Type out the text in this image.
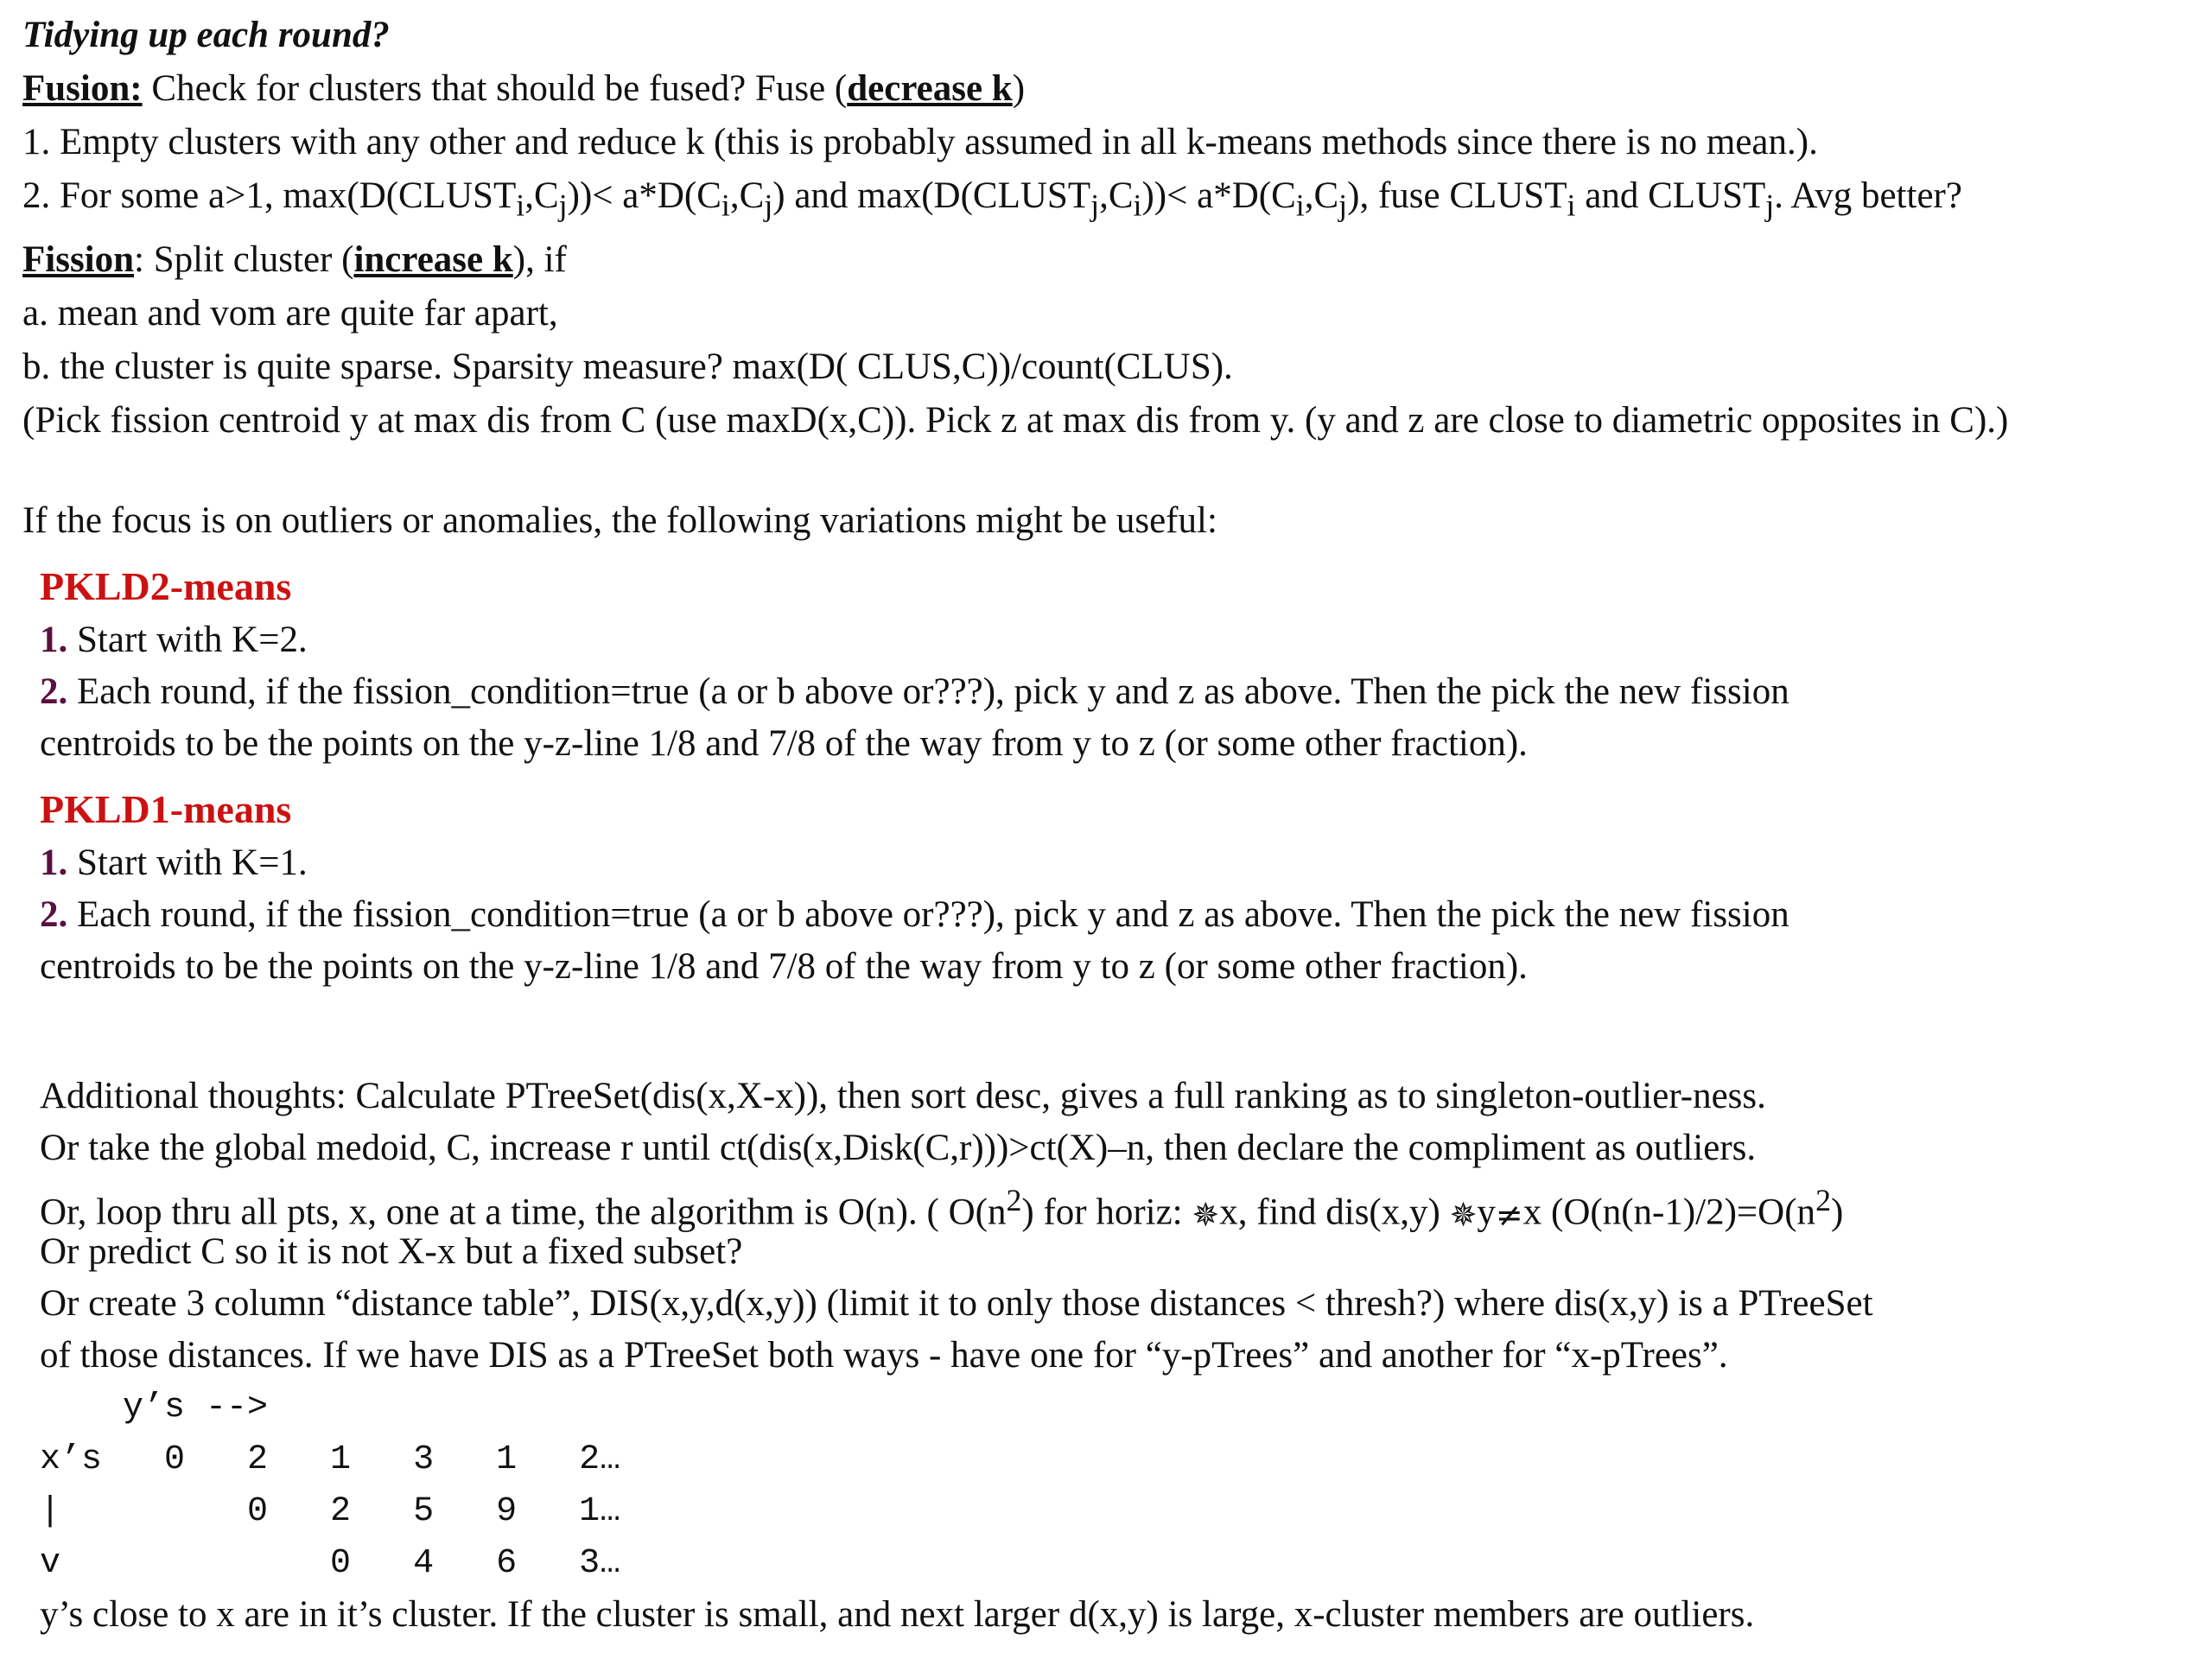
Tidying up each round?
Fusion: Check for clusters that should be fused? Fuse (decrease k)
1. Empty clusters with any other and reduce k (this is probably assumed in all k-means methods since there is no mean.).
2. For some a>1, $\max(D(CLUST_i,C_j))< a*D(C_i,C_j)$ and $\max(D(CLUST_j,C_i))< a*D(C_i,C_j)$, fuse $CLUST_i$ and $CLUST_j$. Avg better?
Fission: Split cluster (increase k), if
a. mean and vom are quite far apart,
b. the cluster is quite sparse. Sparsity measure? max(D( CLUS,C))/count(CLUS).
(Pick fission centroid y at max dis from C (use maxD(x,C)). Pick z at max dis from y. (y and z are close to diametric opposites in C).)
If the focus is on outliers or anomalies, the following variations might be useful:
PKLD2-means
1. Start with K=2.
2. Each round, if the fission_condition=true (a or b above or???), pick y and z as above. Then the pick the new fission
centroids to be the points on the y-z-line 1/8 and 7/8 of the way from y to z (or some other fraction).
PKLD1-means
1. Start with K=1.
2. Each round, if the fission_condition=true (a or b above or???), pick y and z as above. Then the pick the new fission
centroids to be the points on the y-z-line 1/8 and 7/8 of the way from y to z (or some other fraction).
Additional thoughts: Calculate PTreeSet(dis(x,X-x)), then sort desc, gives a full ranking as to singleton-outlier-ness.
Or take the global medoid, C, increase r until ct(dis(x,Disk(C,r)))>ct(X)–n, then declare the compliment as outliers.
Or, loop thru all pts, x, one at a time, the algorithm is O(n). ( $O(n^2)$ for horiz: ✵x, find dis(x,y) ✵y≠x ($O(n(n-1)/2)=O(n^2)$
Or predict C so it is not X-x but a fixed subset?
Or create 3 column “distance table”, DIS(x,y,d(x,y)) (limit it to only those distances < thresh?) where dis(x,y) is a PTreeSet
of those distances. If we have DIS as a PTreeSet both ways - have one for “y-pTrees” and another for “x-pTrees”.
y’s -->
x’s   0   2   1   3   1   2…
|         0   2   5   9   1…
v             0   4   6   3…
y’s close to x are in it’s cluster. If the cluster is small, and next larger d(x,y) is large, x-cluster members are outliers.
